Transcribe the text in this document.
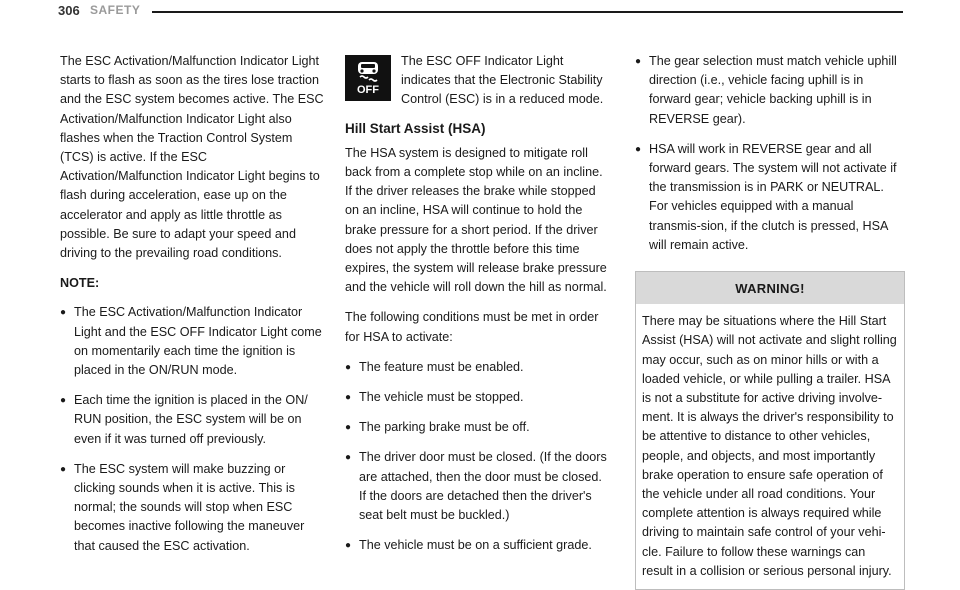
306 SAFETY

The ESC Activation/Malfunction Indicator Light starts to flash as soon as the tires lose traction and the ESC system becomes active. The ESC Activation/Malfunction Indicator Light also flashes when the Traction Control System (TCS) is active. If the ESC Activation/Malfunction Indicator Light begins to flash during acceleration, ease up on the accelerator and apply as little throttle as possible. Be sure to adapt your speed and driving to the prevailing road conditions.

NOTE:

● The ESC Activation/Malfunction Indicator Light and the ESC OFF Indicator Light come on momentarily each time the ignition is placed in the ON/RUN mode.
● Each time the ignition is placed in the ON/ RUN position, the ESC system will be on even if it was turned off previously.
● The ESC system will make buzzing or clicking sounds when it is active. This is normal; the sounds will stop when ESC becomes inactive following the maneuver that caused the ESC activation.
OFF
The ESC OFF Indicator Light indicates that the Electronic Stability Control (ESC) is in a reduced mode.
Hill Start Assist (HSA)

The HSA system is designed to mitigate roll back from a complete stop while on an incline. If the driver releases the brake while stopped on an incline, HSA will continue to hold the brake pressure for a short period. If the driver does not apply the throttle before this time expires, the system will release brake pressure and the vehicle will roll down the hill as normal.

The following conditions must be met in order for HSA to activate:

● The feature must be enabled.
● The vehicle must be stopped.
● The parking brake must be off.
● The driver door must be closed. (If the doors are attached, then the door must be closed. If the doors are detached then the driver's seat belt must be buckled.)
● The vehicle must be on a sufficient grade.
● The gear selection must match vehicle uphill direction (i.e., vehicle facing uphill is in forward gear; vehicle backing uphill is in REVERSE gear).
● HSA will work in REVERSE gear and all forward gears. The system will not activate if the transmission is in PARK or NEUTRAL. For vehicles equipped with a manual transmis-sion, if the clutch is pressed, HSA will remain active.
WARNING!
There may be situations where the Hill Start Assist (HSA) will not activate and slight rolling may occur, such as on minor hills or with a loaded vehicle, or while pulling a trailer. HSA is not a substitute for active driving involve-ment. It is always the driver's responsibility to be attentive to distance to other vehicles, people, and objects, and most importantly brake operation to ensure safe operation of the vehicle under all road conditions. Your complete attention is always required while driving to maintain safe control of your vehi-cle. Failure to follow these warnings can result in a collision or serious personal injury.
